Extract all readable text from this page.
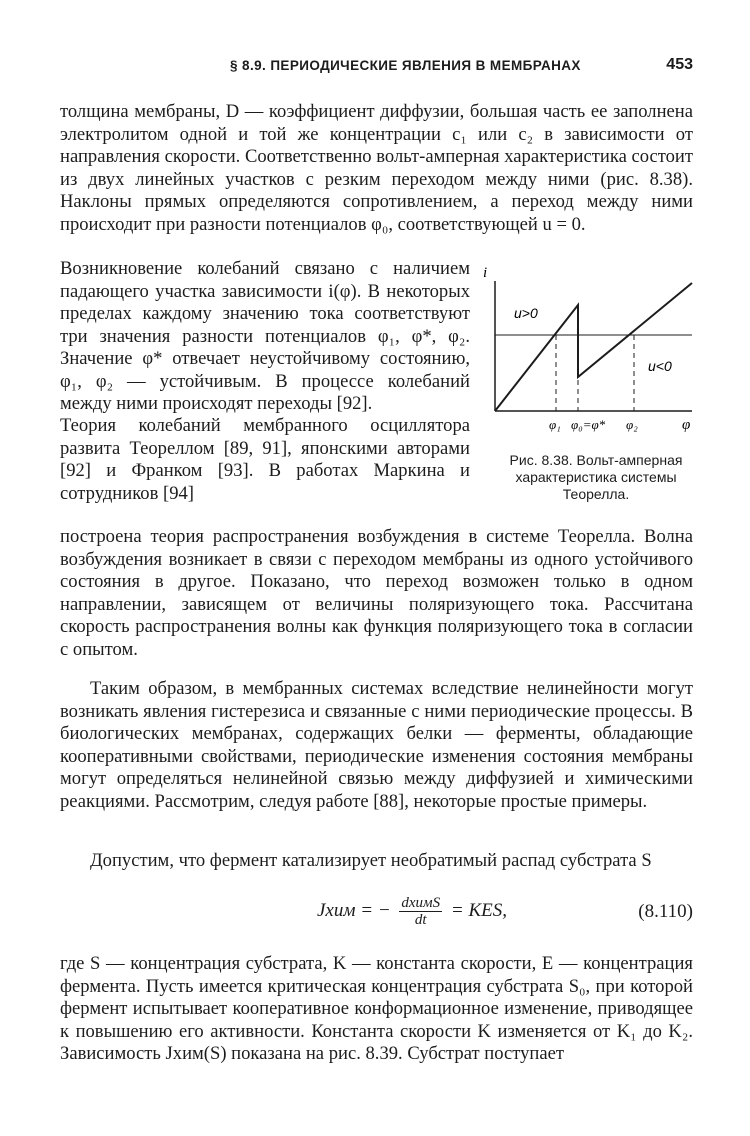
§ 8.9. ПЕРИОДИЧЕСКИЕ ЯВЛЕНИЯ В МЕМБРАНАХ	453
толщина мембраны, D — коэффициент диффузии, большая часть ее заполнена электролитом одной и той же концентрации c₁ или c₂ в зависимости от направления скорости. Соответственно вольт-амперная характеристика состоит из двух линейных участков с резким переходом между ними (рис. 8.38). Наклоны прямых определяются сопротивлением, а переход между ними происходит при разности потенциалов φ₀, соответствующей u = 0.
Возникновение колебаний связано с наличием падающего участка зависимости i(φ). В некоторых пределах каждому значению тока соответствуют три значения разности потенциалов φ₁, φ*, φ₂. Значение φ* отвечает неустойчивому состоянию, φ₁, φ₂ — устойчивым. В процессе колебаний между ними происходят переходы [92].
Теория колебаний мембранного осциллятора развита Теореллом [89, 91], японскими авторами [92] и Франком [93]. В работах Маркина и сотрудников [94]
построена теория распространения возбуждения в системе Теорелла. Волна возбуждения возникает в связи с переходом мембраны из одного устойчивого состояния в другое. Показано, что переход возможен только в одном направлении, зависящем от величины поляризующего тока. Рассчитана скорость распространения волны как функция поляризующего тока в согласии с опытом.
Таким образом, в мембранных системах вследствие нелинейности могут возникать явления гистерезиса и связанные с ними периодические процессы. В биологических мембранах, содержащих белки — ферменты, обладающие кооперативными свойствами, периодические изменения состояния мембраны могут определяться нелинейной связью между диффузией и химическими реакциями. Рассмотрим, следуя работе [88], некоторые простые примеры.
Допустим, что фермент катализирует необратимый распад субстрата S
Jхим = − $\frac{\text{dхимS}}{dt}$ = KES,	(8.110)
где S — концентрация субстрата, K — константа скорости, E — концентрация фермента. Пусть имеется критическая концентрация субстрата S₀, при которой фермент испытывает кооперативное конформационное изменение, приводящее к повышению его активности. Константа скорости K изменяется от K₁ до K₂. Зависимость Jхим(S) показана на рис. 8.39. Субстрат поступает
i
φ
u>0
u<0
φ₁ φ₀=φ* φ₂
Рис. 8.38. Вольт-амперная характеристика системы Теорелла.
